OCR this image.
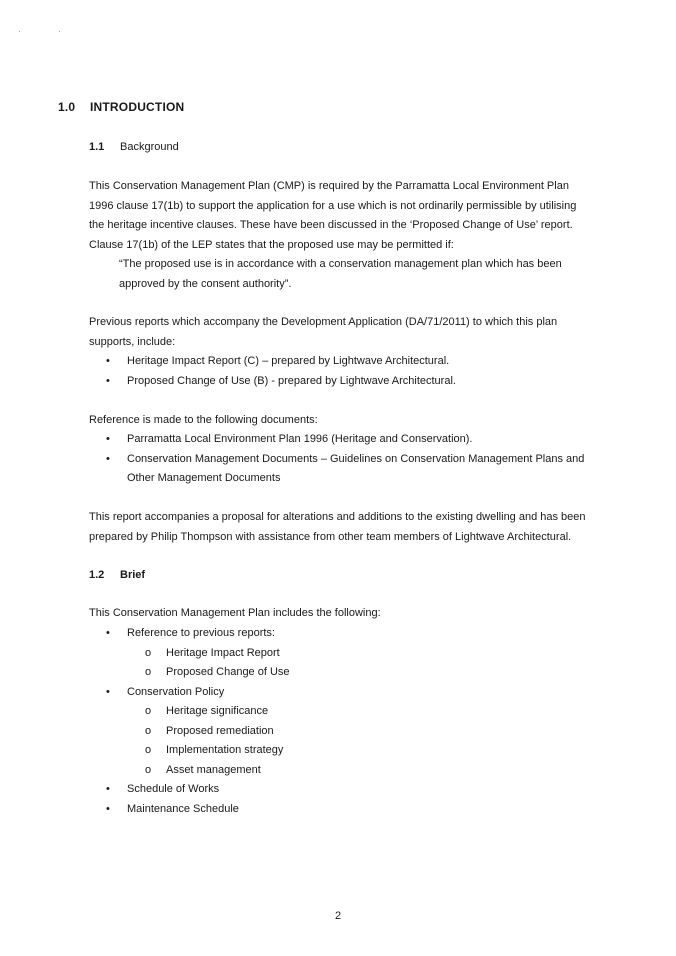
·	·
1.0 INTRODUCTION
1.1 Background

This Conservation Management Plan (CMP) is required by the Parramatta Local Environment Plan
1996 clause 17(1b) to support the application for a use which is not ordinarily permissible by utilising
the heritage incentive clauses. These have been discussed in the ‘Proposed Change of Use’ report.
Clause 17(1b) of the LEP states that the proposed use may be permitted if:

“The proposed use is in accordance with a conservation management plan which has been
approved by the consent authority”.

Previous reports which accompany the Development Application (DA/71/2011) to which this plan
supports, include:

• Heritage Impact Report (C) – prepared by Lightwave Architectural.
• Proposed Change of Use (B) - prepared by Lightwave Architectural.

Reference is made to the following documents:

• Parramatta Local Environment Plan 1996 (Heritage and Conservation).
• Conservation Management Documents – Guidelines on Conservation Management Plans and
Other Management Documents

This report accompanies a proposal for alterations and additions to the existing dwelling and has been
prepared by Philip Thompson with assistance from other team members of Lightwave Architectural.

1.2 Brief

This Conservation Management Plan includes the following:

• Reference to previous reports:
o Heritage Impact Report
o Proposed Change of Use
• Conservation Policy
o Heritage significance
o Proposed remediation
o Implementation strategy
o Asset management
• Schedule of Works
• Maintenance Schedule
2
